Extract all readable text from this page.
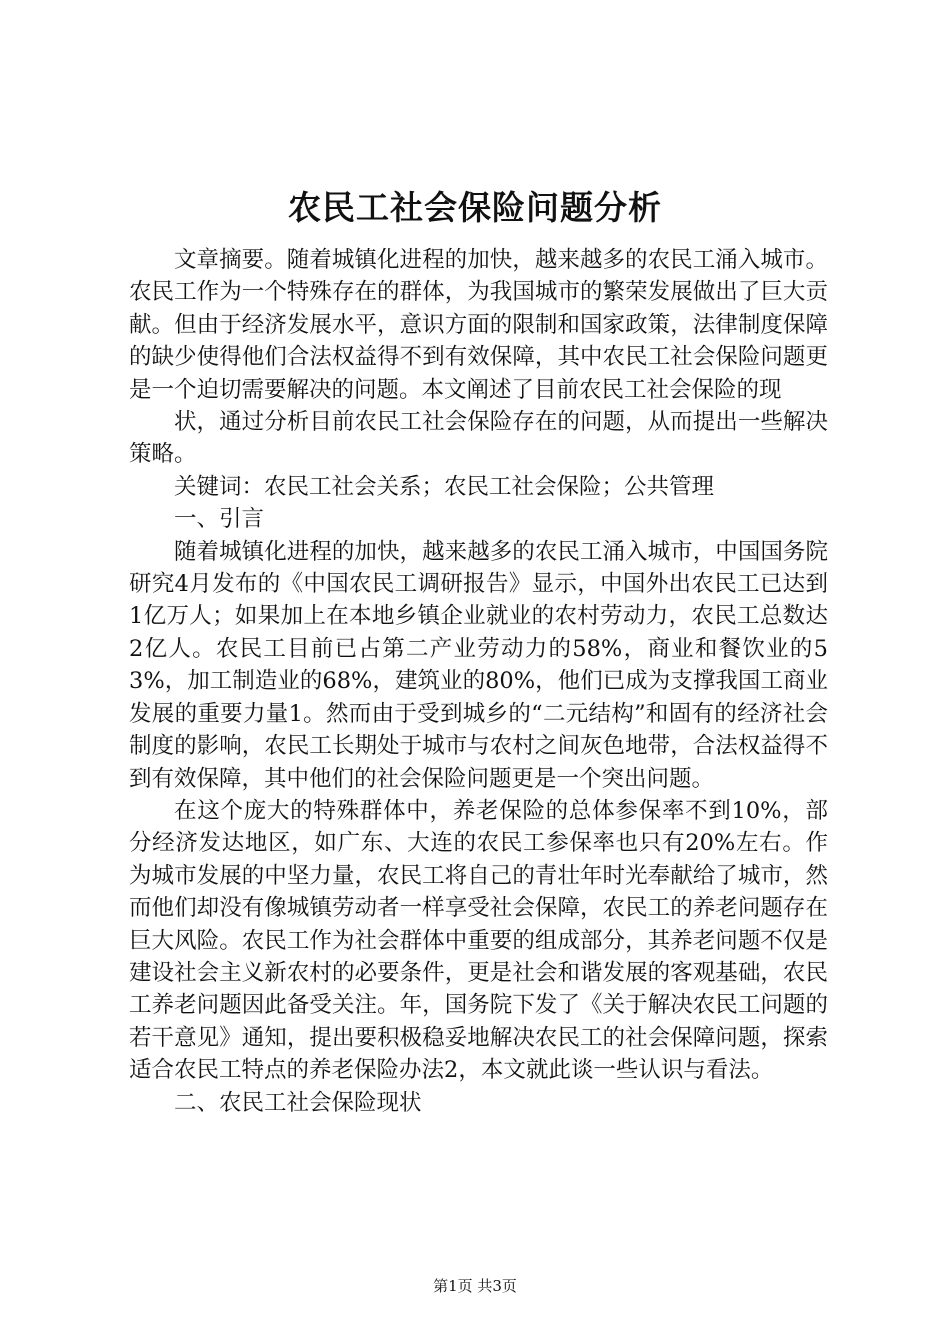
农民工社会保险问题分析

文章摘要。随着城镇化进程的加快，越来越多的农民工涌入城市。农民工作为一个特殊存在的群体，为我国城市的繁荣发展做出了巨大贡献。但由于经济发展水平，意识方面的限制和国家政策，法律制度保障的缺少使得他们合法权益得不到有效保障，其中农民工社会保险问题更是一个迫切需要解决的问题。本文阐述了目前农民工社会保险的现

状，通过分析目前农民工社会保险存在的问题，从而提出一些解决策略。

关键词：农民工社会关系；农民工社会保险；公共管理

一、引言

随着城镇化进程的加快，越来越多的农民工涌入城市，中国国务院研究4月发布的《中国农民工调研报告》显示，中国外出农民工已达到1亿万人；如果加上在本地乡镇企业就业的农村劳动力，农民工总数达2亿人。农民工目前已占第二产业劳动力的58%，商业和餐饮业的53%，加工制造业的68%，建筑业的80%，他们已成为支撑我国工商业发展的重要力量1。然而由于受到城乡的“二元结构”和固有的经济社会制度的影响，农民工长期处于城市与农村之间灰色地带，合法权益得不到有效保障，其中他们的社会保险问题更是一个突出问题。

在这个庞大的特殊群体中，养老保险的总体参保率不到10%，部分经济发达地区，如广东、大连的农民工参保率也只有20%左右。作为城市发展的中坚力量，农民工将自己的青壮年时光奉献给了城市，然而他们却没有像城镇劳动者一样享受社会保障，农民工的养老问题存在巨大风险。农民工作为社会群体中重要的组成部分，其养老问题不仅是建设社会主义新农村的必要条件，更是社会和谐发展的客观基础，农民工养老问题因此备受关注。年，国务院下发了《关于解决农民工问题的若干意见》通知，提出要积极稳妥地解决农民工的社会保障问题，探索适合农民工特点的养老保险办法2，本文就此谈一些认识与看法。

二、农民工社会保险现状

第1页 共3页
